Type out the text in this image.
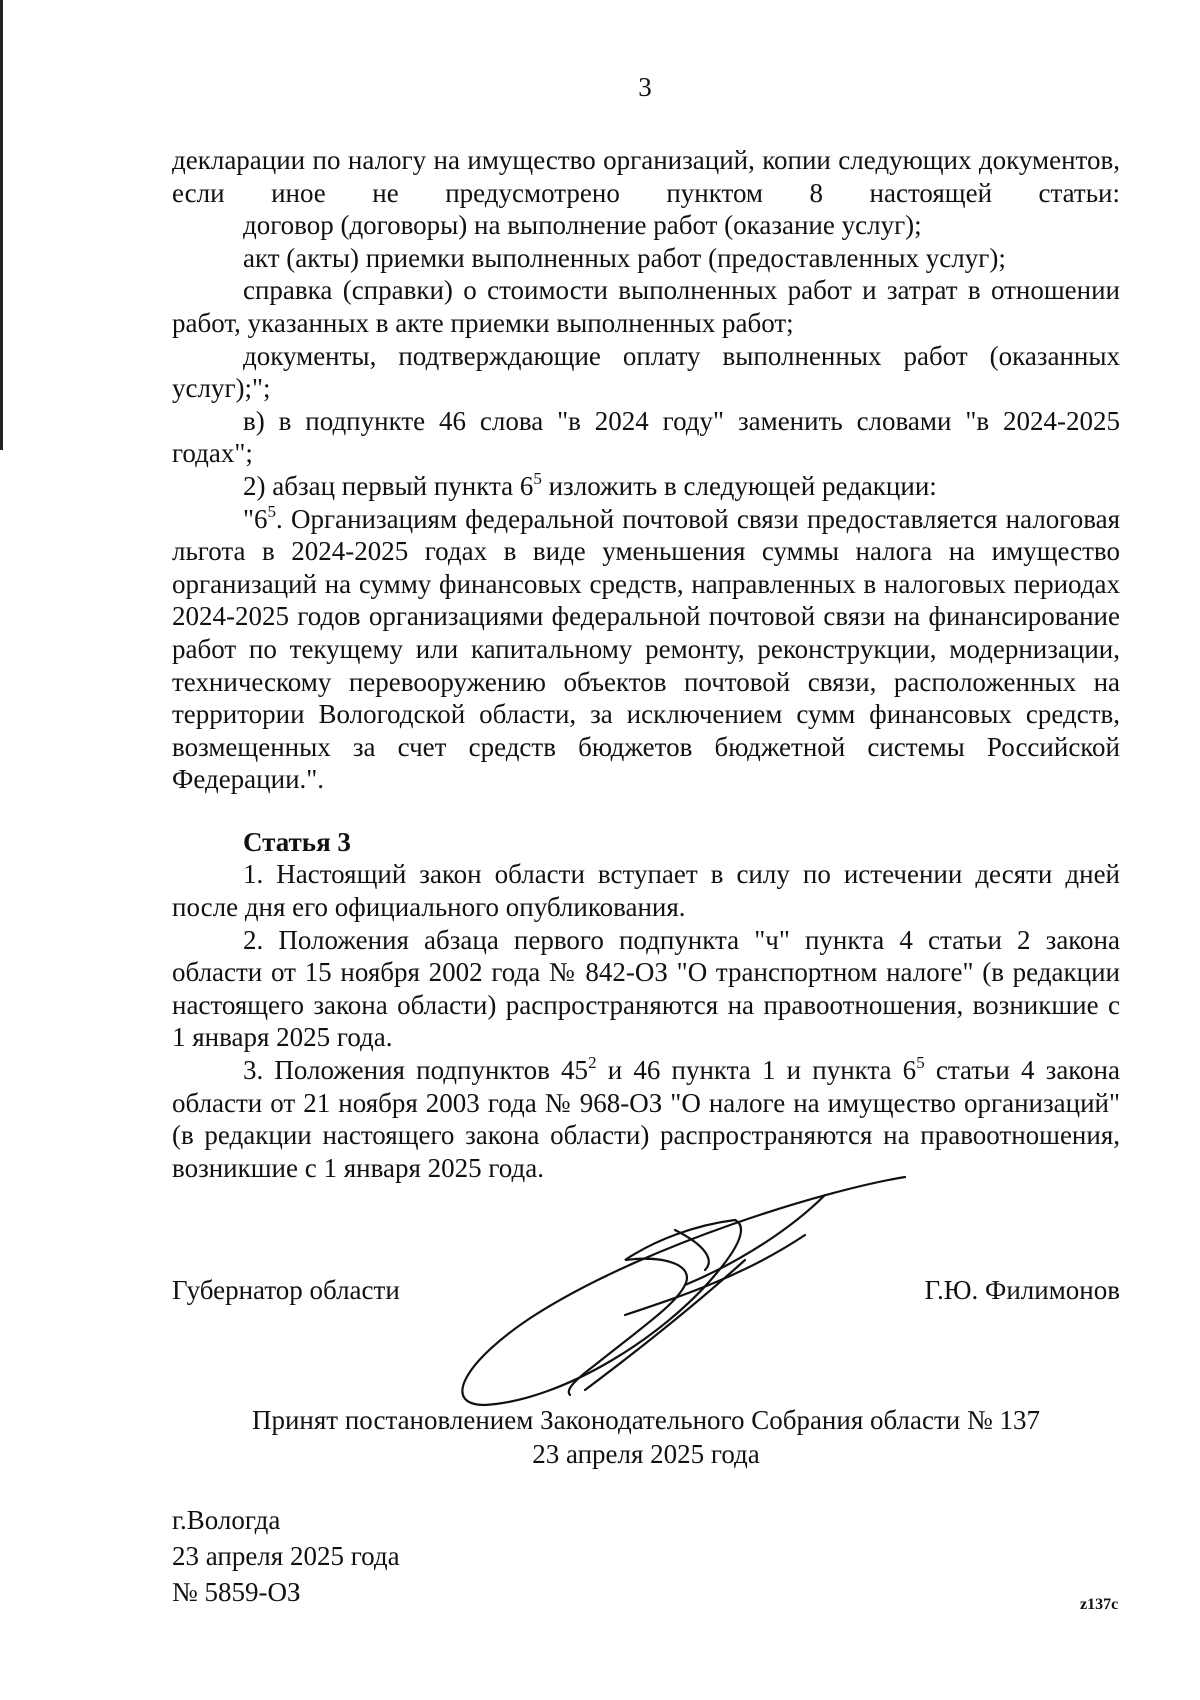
3

декларации по налогу на имущество организаций, копии следующих документов, если иное не предусмотрено пунктом 8 настоящей статьи:

договор (договоры) на выполнение работ (оказание услуг);

акт (акты) приемки выполненных работ (предоставленных услуг);

справка (справки) о стоимости выполненных работ и затрат в отношении работ, указанных в акте приемки выполненных работ;

документы, подтверждающие оплату выполненных работ (оказанных услуг);";

в) в подпункте 46 слова "в 2024 году" заменить словами "в 2024-2025 годах";

2) абзац первый пункта $6^5$ изложить в следующей редакции:

"$6^5$. Организациям федеральной почтовой связи предоставляется налоговая льгота в 2024-2025 годах в виде уменьшения суммы налога на имущество организаций на сумму финансовых средств, направленных в налоговых периодах 2024-2025 годов организациями федеральной почтовой связи на финансирование работ по текущему или капитальному ремонту, реконструкции, модернизации, техническому перевооружению объектов почтовой связи, расположенных на территории Вологодской области, за исключением сумм финансовых средств, возмещенных за счет средств бюджетов бюджетной системы Российской Федерации.".

Статья 3

1. Настоящий закон области вступает в силу по истечении десяти дней после дня его официального опубликования.

2. Положения абзаца первого подпункта "ч" пункта 4 статьи 2 закона области от 15 ноября 2002 года № 842-ОЗ "О транспортном налоге" (в редакции настоящего закона области) распространяются на правоотношения, возникшие с 1 января 2025 года.

3. Положения подпунктов $45^2$ и 46 пункта 1 и пункта $6^5$ статьи 4 закона области от 21 ноября 2003 года № 968-ОЗ "О налоге на имущество организаций" (в редакции настоящего закона области) распространяются на правоотношения, возникшие с 1 января 2025 года.

Губернатор области	Г.Ю. Филимонов
Принят постановлением Законодательного Собрания области № 137
23 апреля 2025 года
г.Вологда
23 апреля 2025 года
№ 5859-ОЗ	z137c
